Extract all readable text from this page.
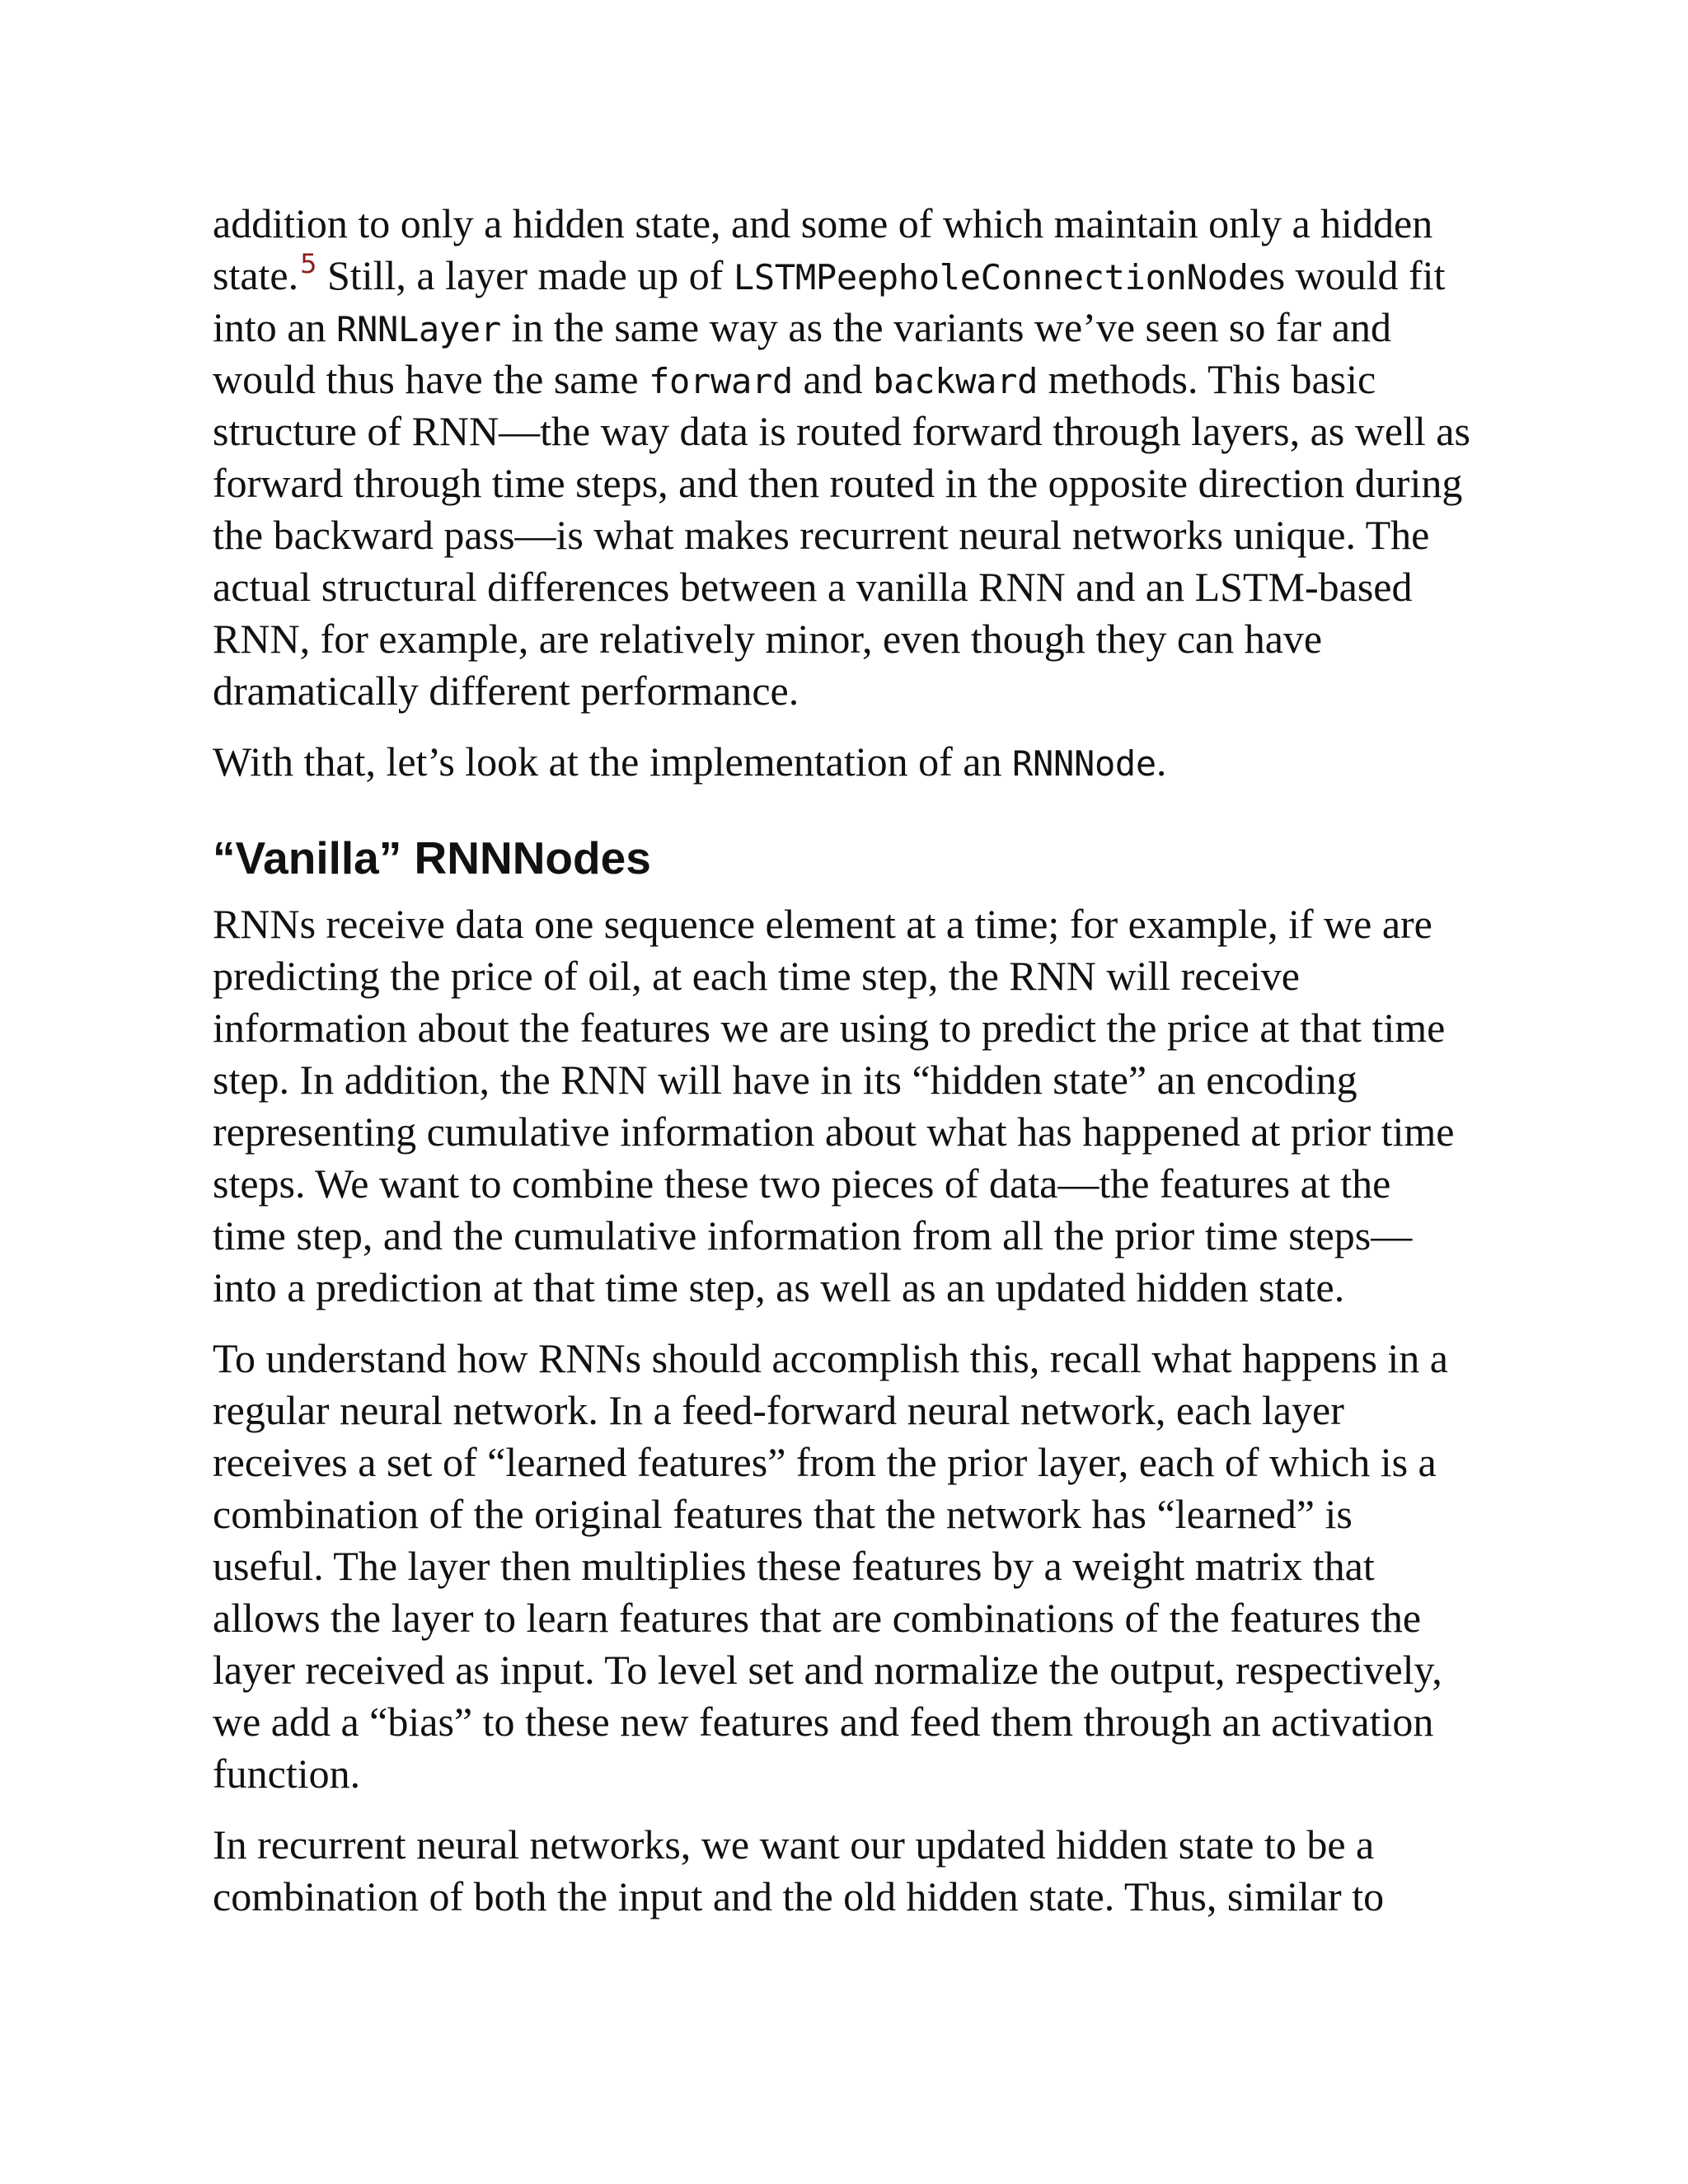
addition to only a hidden state, and some of which maintain only a hidden
state.$^5$ Still, a layer made up of LSTMPeepholeConnectionNodes would fit
into an RNNLayer in the same way as the variants we’ve seen so far and
would thus have the same forward and backward methods. This basic
structure of RNN—the way data is routed forward through layers, as well as
forward through time steps, and then routed in the opposite direction during
the backward pass—is what makes recurrent neural networks unique. The
actual structural differences between a vanilla RNN and an LSTM-based
RNN, for example, are relatively minor, even though they can have
dramatically different performance.
With that, let’s look at the implementation of an RNNNode.
“Vanilla” RNNNodes
RNNs receive data one sequence element at a time; for example, if we are
predicting the price of oil, at each time step, the RNN will receive
information about the features we are using to predict the price at that time
step. In addition, the RNN will have in its “hidden state” an encoding
representing cumulative information about what has happened at prior time
steps. We want to combine these two pieces of data—the features at the
time step, and the cumulative information from all the prior time steps—
into a prediction at that time step, as well as an updated hidden state.
To understand how RNNs should accomplish this, recall what happens in a
regular neural network. In a feed-forward neural network, each layer
receives a set of “learned features” from the prior layer, each of which is a
combination of the original features that the network has “learned” is
useful. The layer then multiplies these features by a weight matrix that
allows the layer to learn features that are combinations of the features the
layer received as input. To level set and normalize the output, respectively,
we add a “bias” to these new features and feed them through an activation
function.
In recurrent neural networks, we want our updated hidden state to be a
combination of both the input and the old hidden state. Thus, similar to
